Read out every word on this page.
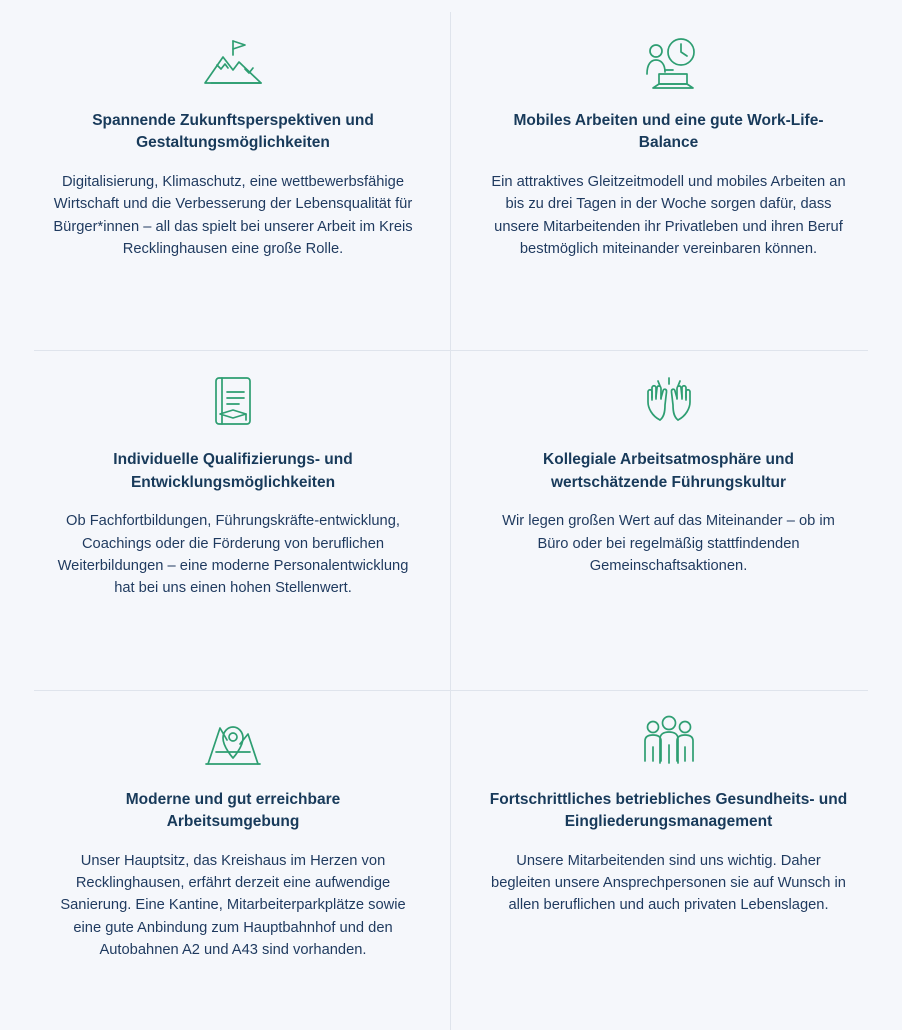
Spannende Zukunftsperspektiven und Gestaltungsmöglichkeiten

Digitalisierung, Klimaschutz, eine wettbewerbsfähige Wirtschaft und die Verbesserung der Lebensqualität für Bürger*innen – all das spielt bei unserer Arbeit im Kreis Recklinghausen eine große Rolle.

Mobiles Arbeiten und eine gute Work-Life-Balance

Ein attraktives Gleitzeitmodell und mobiles Arbeiten an bis zu drei Tagen in der Woche sorgen dafür, dass unsere Mitarbeitenden ihr Privatleben und ihren Beruf bestmöglich miteinander vereinbaren können.

Individuelle Qualifizierungs- und Entwicklungsmöglichkeiten

Ob Fachfortbildungen, Führungskräfte-entwicklung, Coachings oder die Förderung von beruflichen Weiterbildungen – eine moderne Personalentwicklung hat bei uns einen hohen Stellenwert.

Kollegiale Arbeitsatmosphäre und wertschätzende Führungskultur

Wir legen großen Wert auf das Miteinander – ob im Büro oder bei regelmäßig stattfindenden Gemeinschaftsaktionen.

Moderne und gut erreichbare Arbeitsumgebung

Unser Hauptsitz, das Kreishaus im Herzen von Recklinghausen, erfährt derzeit eine aufwendige Sanierung. Eine Kantine, Mitarbeiterparkplätze sowie eine gute Anbindung zum Hauptbahnhof und den Autobahnen A2 und A43 sind vorhanden.

Fortschrittliches betriebliches Gesundheits- und Eingliederungsmanagement

Unsere Mitarbeitenden sind uns wichtig. Daher begleiten unsere Ansprechpersonen sie auf Wunsch in allen beruflichen und auch privaten Lebenslagen.
